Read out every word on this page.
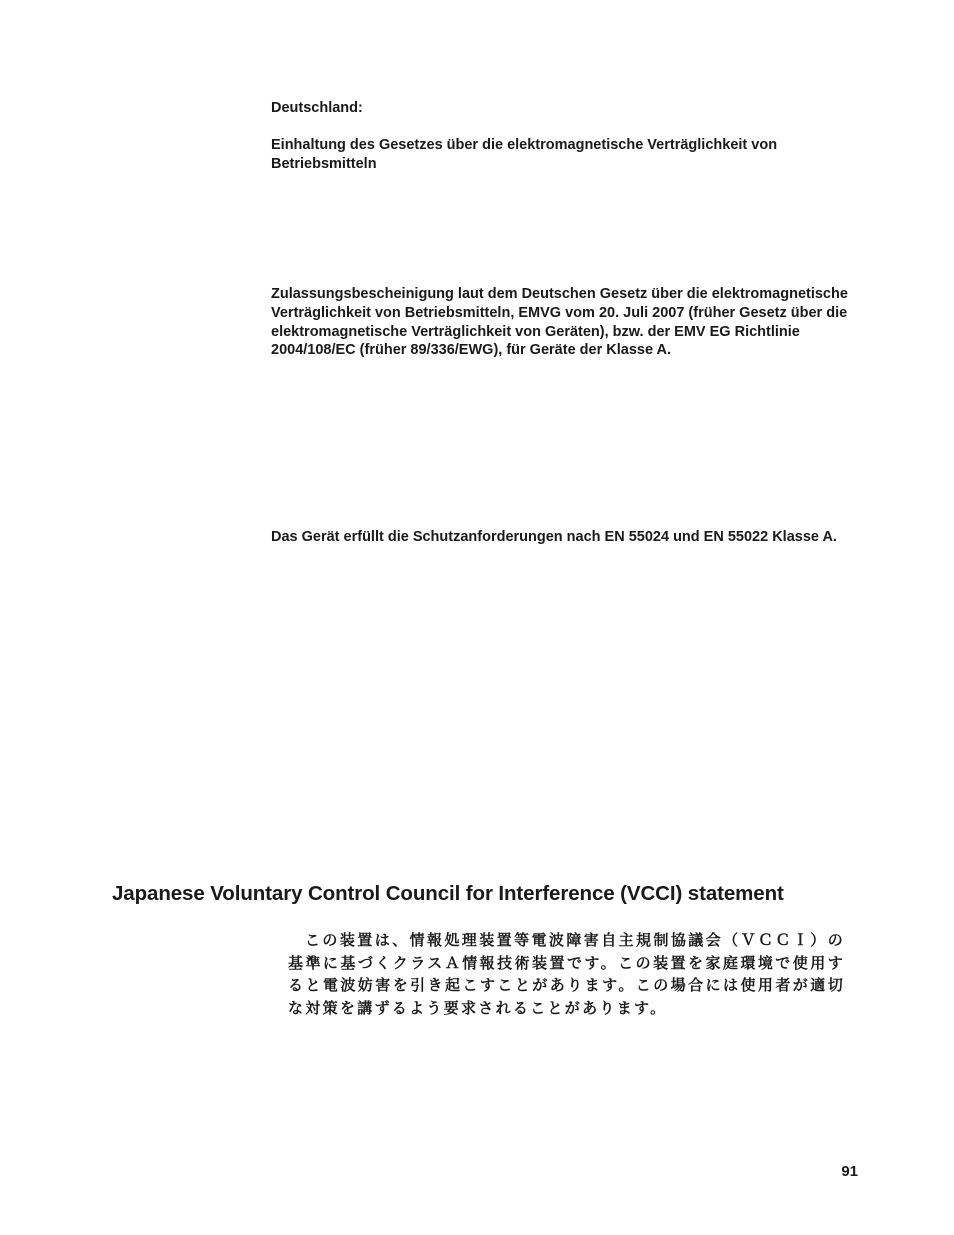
Deutschland:

Einhaltung des Gesetzes über die elektromagnetische Verträglichkeit von Betriebsmitteln

Zulassungsbescheinigung laut dem Deutschen Gesetz über die elektromagnetische Verträglichkeit von Betriebsmitteln, EMVG vom 20. Juli 2007 (früher Gesetz über die elektromagnetische Verträglichkeit von Geräten), bzw. der EMV EG Richtlinie 2004/108/EC (früher 89/336/EWG), für Geräte der Klasse A.

Das Gerät erfüllt die Schutzanforderungen nach EN 55024 und EN 55022 Klasse A.

Japanese Voluntary Control Council for Interference (VCCI) statement

この装置は、情報処理装置等電波障害自主規制協議会（ＶＣＣＩ）の基準に基づくクラスＡ情報技術装置です。この装置を家庭環境で使用すると電波妨害を引き起こすことがあります。この場合には使用者が適切な対策を講ずるよう要求されることがあります。

91
